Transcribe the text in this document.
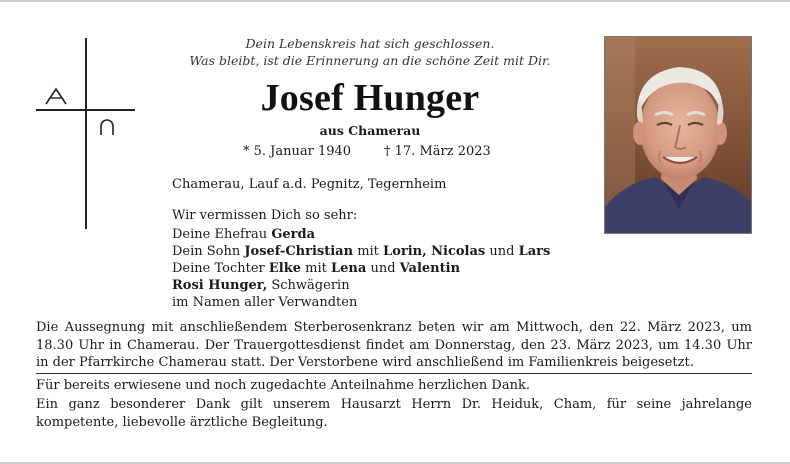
Dein Lebenskreis hat sich geschlossen.
Was bleibt, ist die Erinnerung an die schöne Zeit mit Dir.
Josef Hunger
aus Chamerau
* 5. Januar 1940	† 17. März 2023
Chamerau, Lauf a.d. Pegnitz, Tegernheim
Wir vermissen Dich so sehr:
Deine Ehefrau Gerda
Dein Sohn Josef-Christian mit Lorin, Nicolas und Lars
Deine Tochter Elke mit Lena und Valentin
Rosi Hunger, Schwägerin
im Namen aller Verwandten
Die Aussegnung mit anschließendem Sterberosenkranz beten wir am Mittwoch, den 22. März 2023, um 18.30 Uhr in Chamerau. Der Trauergottesdienst findet am Donnerstag, den 23. März 2023, um 14.30 Uhr in der Pfarrkirche Chamerau statt. Der Verstorbene wird anschließend im Familienkreis beigesetzt.
Für bereits erwiesene und noch zugedachte Anteilnahme herzlichen Dank.
Ein ganz besonderer Dank gilt unserem Hausarzt Herrn Dr. Heiduk, Cham, für seine jahrelange kompetente, liebevolle ärztliche Begleitung.
